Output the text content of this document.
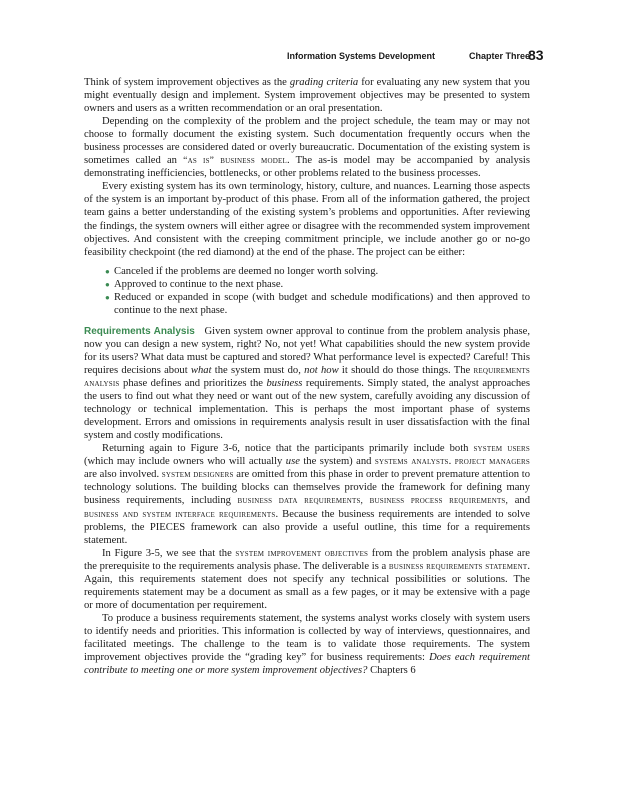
Information Systems Development	Chapter Three
83

Think of system improvement objectives as the grading criteria for evaluating any new system that you might eventually design and implement. System improvement objectives may be presented to system owners and users as a written recommendation or an oral presentation.

Depending on the complexity of the problem and the project schedule, the team may or may not choose to formally document the existing system. Such documentation frequently occurs when the business processes are considered dated or overly bureaucratic. Documentation of the existing system is sometimes called an “as is” business model. The as-is model may be accompanied by analysis demonstrating inefficiencies, bottlenecks, or other problems related to the business processes.

Every existing system has its own terminology, history, culture, and nuances. Learning those aspects of the system is an important by-product of this phase. From all of the information gathered, the project team gains a better understanding of the existing system’s problems and opportunities. After reviewing the findings, the system owners will either agree or disagree with the recommended system improvement objectives. And consistent with the creeping commitment principle, we include another go or no-go feasibility checkpoint (the red diamond) at the end of the phase. The project can be either:

● Canceled if the problems are deemed no longer worth solving.
● Approved to continue to the next phase.
● Reduced or expanded in scope (with budget and schedule modifications) and then approved to continue to the next phase.

Requirements Analysis Given system owner approval to continue from the problem analysis phase, now you can design a new system, right? No, not yet! What capabilities should the new system provide for its users? What data must be captured and stored? What performance level is expected? Careful! This requires decisions about what the system must do, not how it should do those things. The requirements analysis phase defines and prioritizes the business requirements. Simply stated, the analyst approaches the users to find out what they need or want out of the new system, carefully avoiding any discussion of technology or technical implementation. This is perhaps the most important phase of systems development. Errors and omissions in requirements analysis result in user dissatisfaction with the final system and costly modifications.

Returning again to Figure 3-6, notice that the participants primarily include both system users (which may include owners who will actually use the system) and systems analysts. project managers are also involved. system designers are omitted from this phase in order to prevent premature attention to technology solutions. The building blocks can themselves provide the framework for defining many business requirements, including business data requirements, business process requirements, and business and system interface requirements. Because the business requirements are intended to solve problems, the PIECES framework can also provide a useful outline, this time for a requirements statement.

In Figure 3-5, we see that the system improvement objectives from the problem analysis phase are the prerequisite to the requirements analysis phase. The deliverable is a business requirements statement. Again, this requirements statement does not specify any technical possibilities or solutions. The requirements statement may be a document as small as a few pages, or it may be extensive with a page or more of documentation per requirement.

To produce a business requirements statement, the systems analyst works closely with system users to identify needs and priorities. This information is collected by way of interviews, questionnaires, and facilitated meetings. The challenge to the team is to validate those requirements. The system improvement objectives provide the “grading key” for business requirements: Does each requirement contribute to meeting one or more system improvement objectives? Chapters 6
